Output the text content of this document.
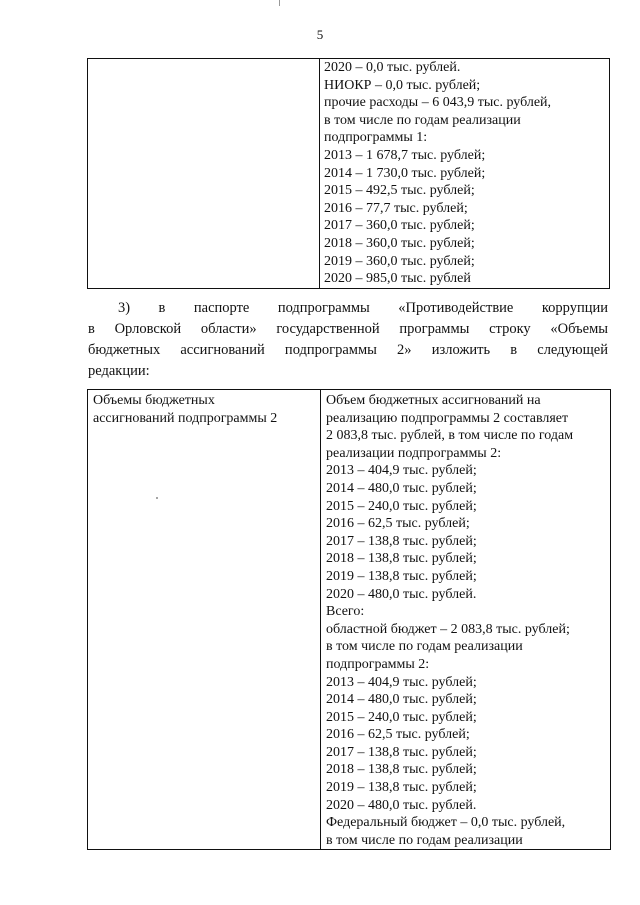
5

2020 – 0,0 тыс. рублей.
НИОКР – 0,0 тыс. рублей;
прочие расходы – 6 043,9 тыс. рублей,
в том числе по годам реализации
подпрограммы 1:
2013 – 1 678,7 тыс. рублей;
2014 – 1 730,0 тыс. рублей;
2015 – 492,5 тыс. рублей;
2016 – 77,7 тыс. рублей;
2017 – 360,0 тыс. рублей;
2018 – 360,0 тыс. рублей;
2019 – 360,0 тыс. рублей;
2020 – 985,0 тыс. рублей
3) в паспорте подпрограммы «Противодействие коррупции
в Орловской области» государственной программы строку «Объемы
бюджетных ассигнований подпрограммы 2» изложить в следующей
редакции:
Объемы бюджетных
ассигнований подпрограммы 2

Объем бюджетных ассигнований на
реализацию подпрограммы 2 составляет
2 083,8 тыс. рублей, в том числе по годам
реализации подпрограммы 2:
2013 – 404,9 тыс. рублей;
2014 – 480,0 тыс. рублей;
2015 – 240,0 тыс. рублей;
2016 – 62,5 тыс. рублей;
2017 – 138,8 тыс. рублей;
2018 – 138,8 тыс. рублей;
2019 – 138,8 тыс. рублей;
2020 – 480,0 тыс. рублей.
Всего:
областной бюджет – 2 083,8 тыс. рублей;
в том числе по годам реализации
подпрограммы 2:
2013 – 404,9 тыс. рублей;
2014 – 480,0 тыс. рублей;
2015 – 240,0 тыс. рублей;
2016 – 62,5 тыс. рублей;
2017 – 138,8 тыс. рублей;
2018 – 138,8 тыс. рублей;
2019 – 138,8 тыс. рублей;
2020 – 480,0 тыс. рублей.
Федеральный бюджет – 0,0 тыс. рублей,
в том числе по годам реализации
